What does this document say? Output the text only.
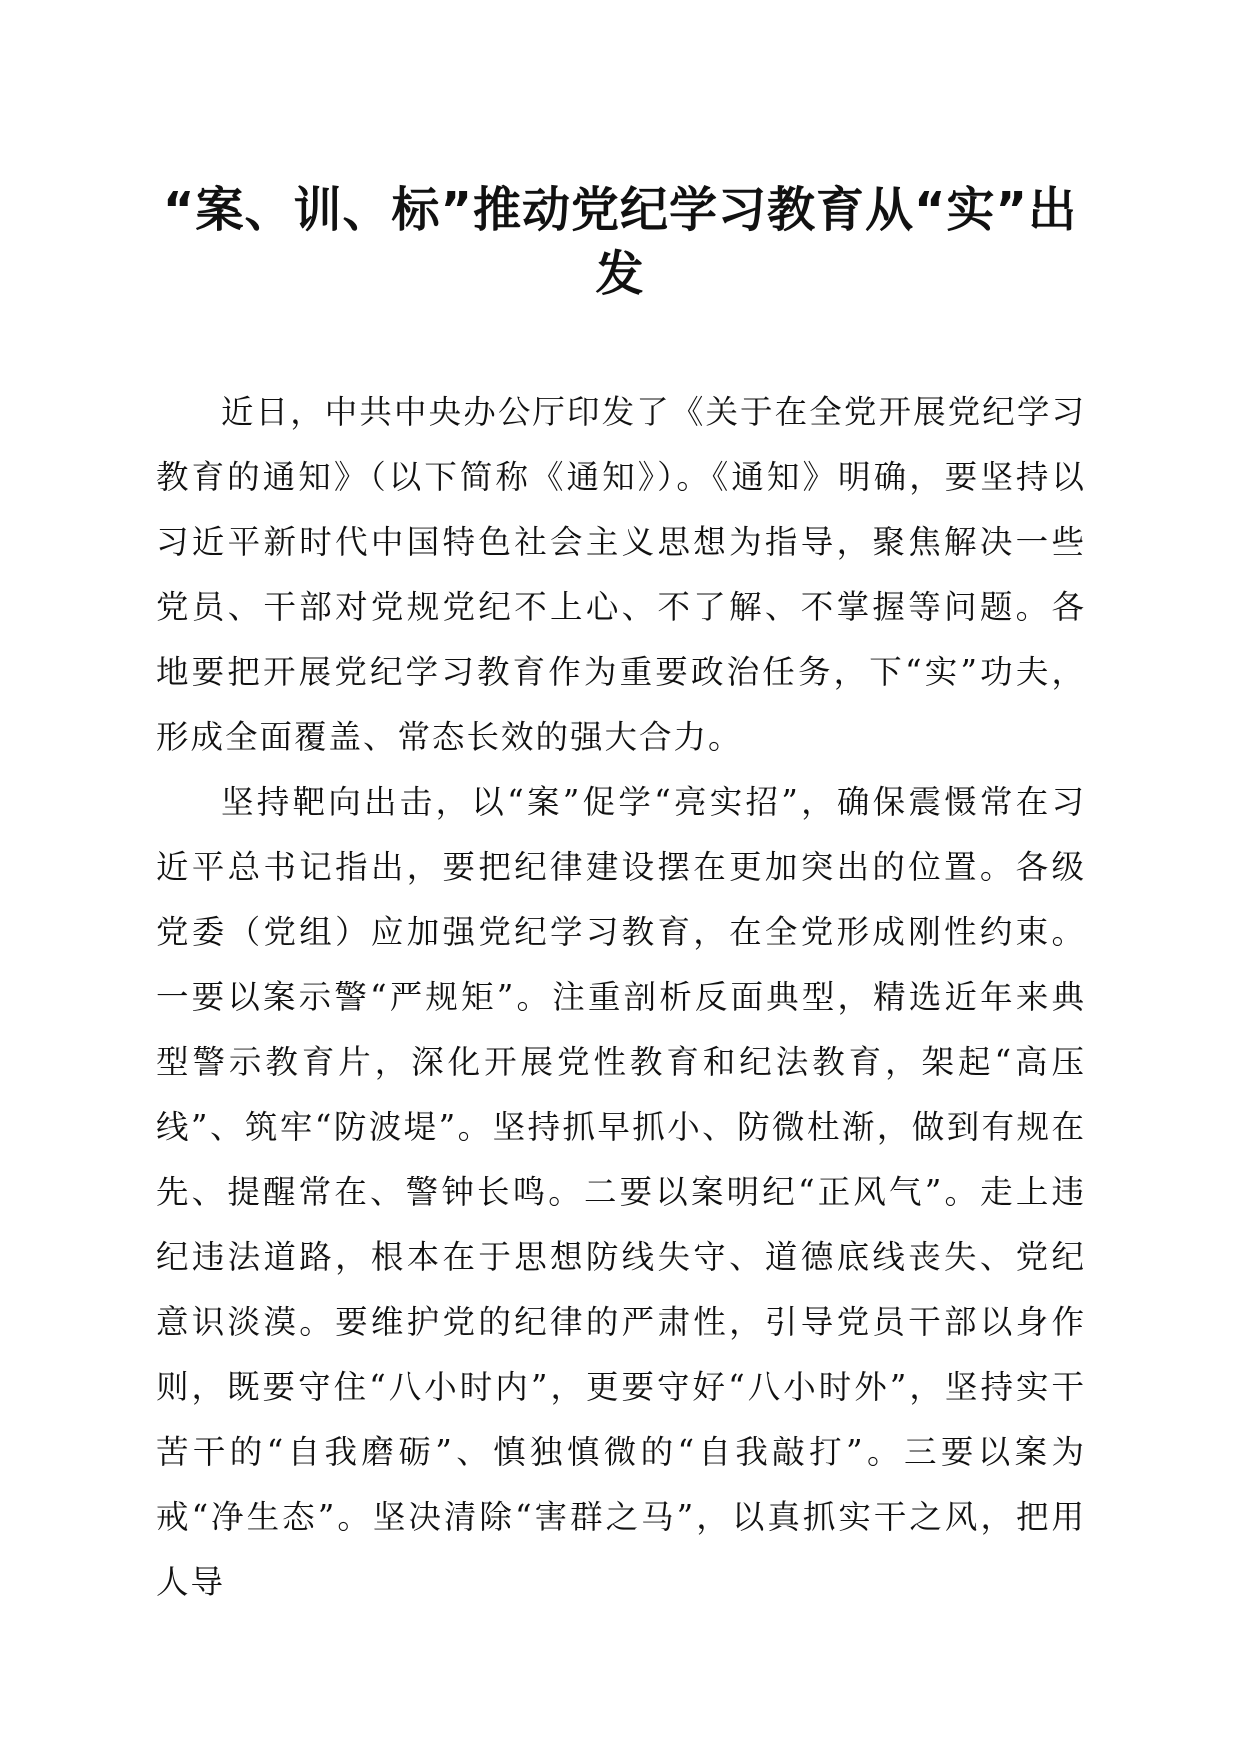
“案、训、标”推动党纪学习教育从“实”出发

近日，中共中央办公厅印发了《关于在全党开展党纪学习教育的通知》（以下简称《通知》）。《通知》明确，要坚持以习近平新时代中国特色社会主义思想为指导，聚焦解决一些党员、干部对党规党纪不上心、不了解、不掌握等问题。各地要把开展党纪学习教育作为重要政治任务，下“实”功夫，形成全面覆盖、常态长效的强大合力。

坚持靶向出击，以“案”促学“亮实招”，确保震慑常在习近平总书记指出，要把纪律建设摆在更加突出的位置。各级党委（党组）应加强党纪学习教育，在全党形成刚性约束。一要以案示警“严规矩”。注重剖析反面典型，精选近年来典型警示教育片，深化开展党性教育和纪法教育，架起“高压线”、筑牢“防波堤”。坚持抓早抓小、防微杜渐，做到有规在先、提醒常在、警钟长鸣。二要以案明纪“正风气”。走上违纪违法道路，根本在于思想防线失守、道德底线丧失、党纪意识淡漠。要维护党的纪律的严肃性，引导党员干部以身作则，既要守住“八小时内”，更要守好“八小时外”，坚持实干苦干的“自我磨砺”、慎独慎微的“自我敲打”。三要以案为戒“净生态”。坚决清除“害群之马”，以真抓实干之风，把用人导
